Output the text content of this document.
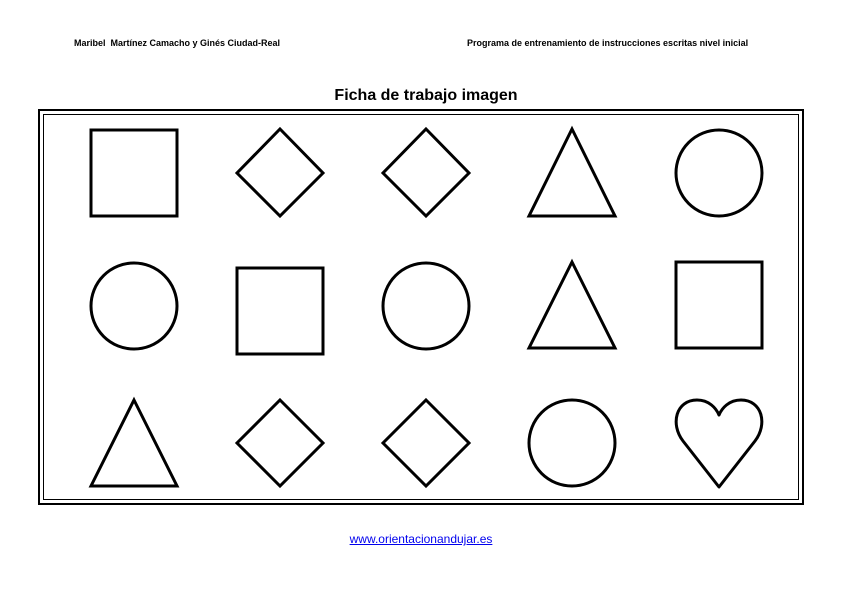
Maribel  Martínez Camacho y Ginés Ciudad-Real	Programa de entrenamiento de instrucciones escritas nivel inicial
Ficha de trabajo imagen
www.orientacionandujar.es
